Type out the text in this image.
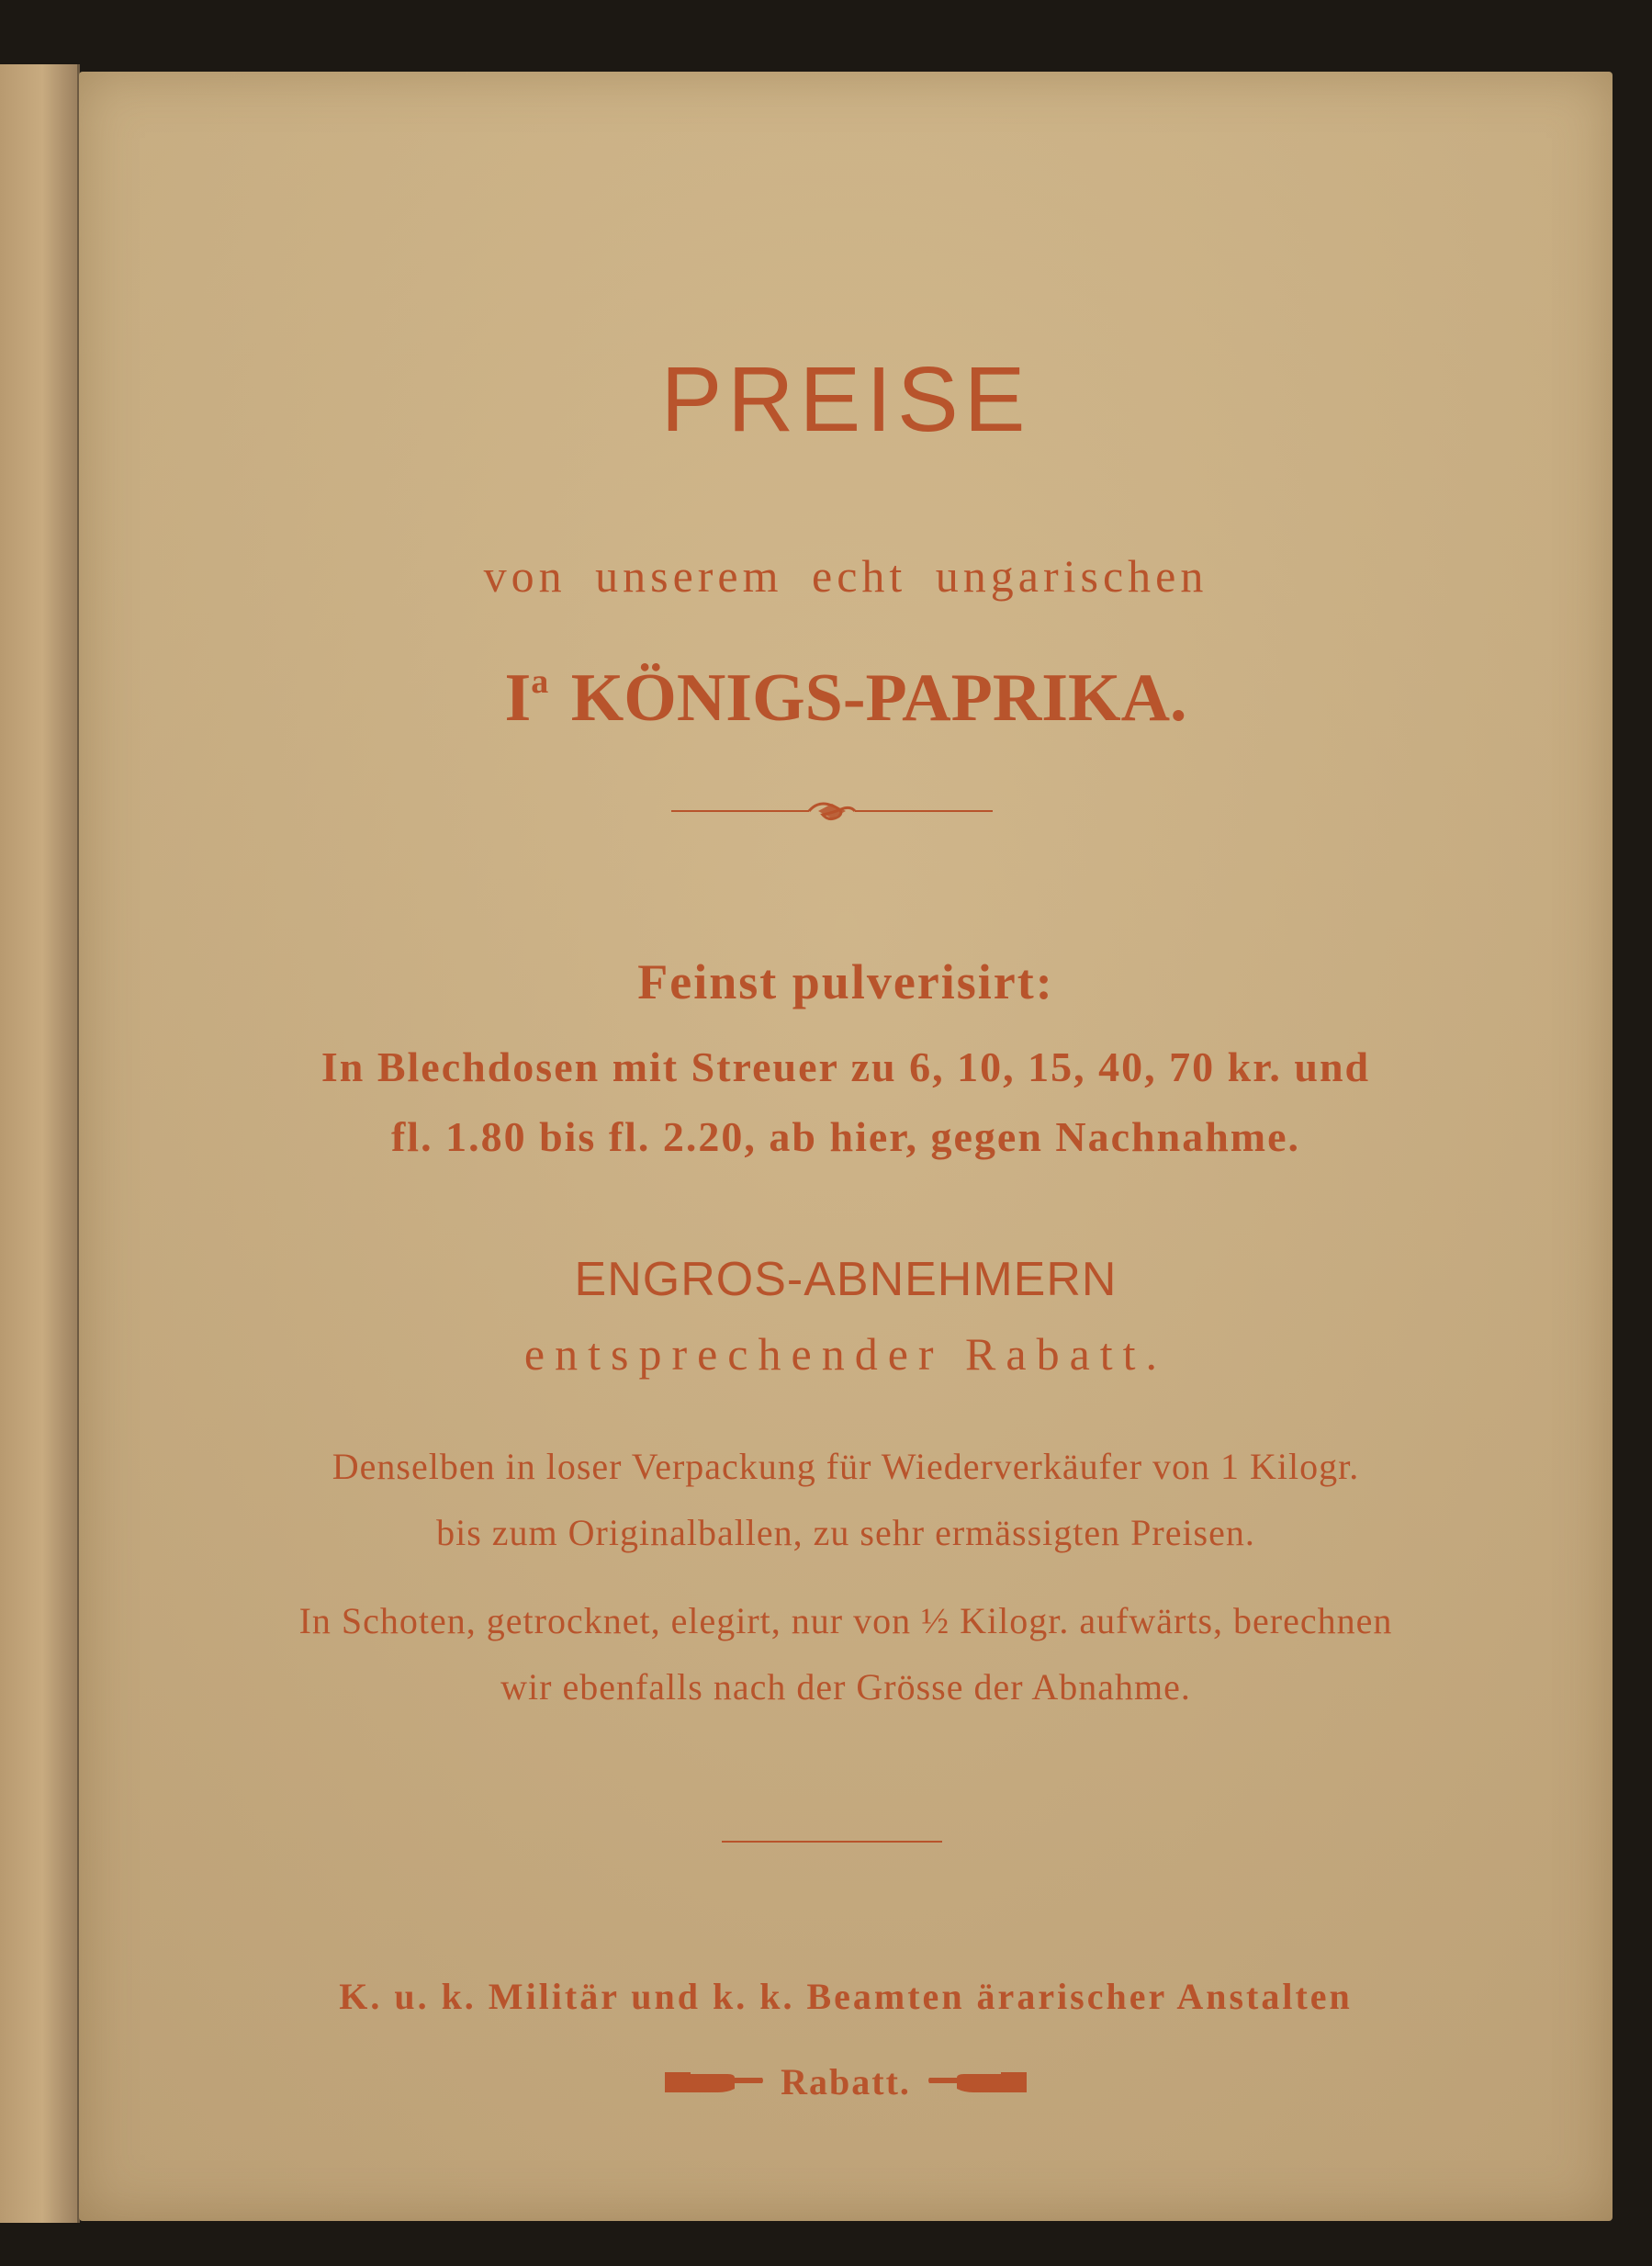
PREISE
von unserem echt ungarischen
$I^a$ KÖNIGS-PAPRIKA.
Feinst pulverisirt:
In Blechdosen mit Streuer zu 6, 10, 15, 40, 70 kr. und
fl. 1.80 bis fl. 2.20, ab hier, gegen Nachnahme.
ENGROS-ABNEHMERN
entsprechender Rabatt.
Denselben in loser Verpackung für Wiederverkäufer von 1 Kilogr.
bis zum Originalballen, zu sehr ermässigten Preisen.
In Schoten, getrocknet, elegirt, nur von ½ Kilogr. aufwärts, berechnen
wir ebenfalls nach der Grösse der Abnahme.
K. u. k. Militär und k. k. Beamten ärarischer Anstalten
Rabatt.
